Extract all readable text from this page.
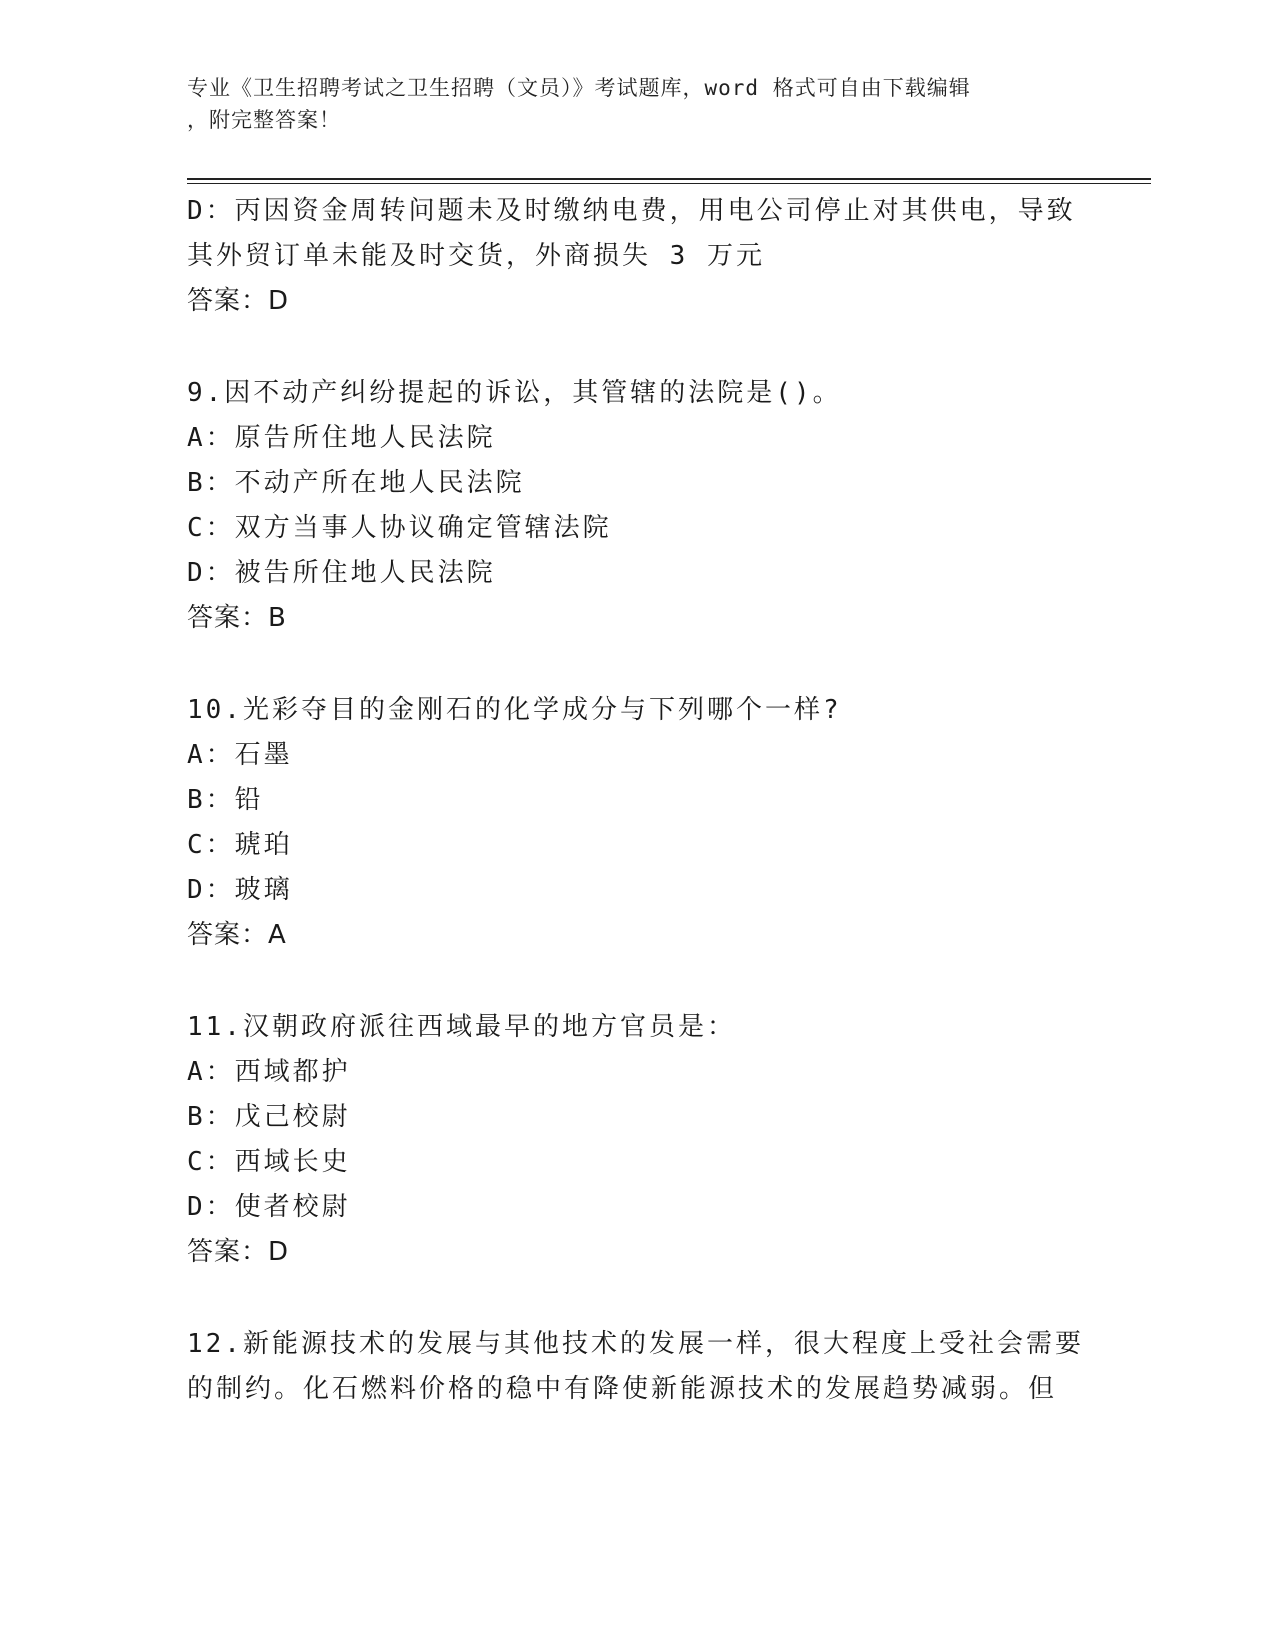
专业《卫生招聘考试之卫生招聘（文员）》考试题库，word 格式可自由下载编辑
，附完整答案！
D：丙因资金周转问题未及时缴纳电费，用电公司停止对其供电，导致
其外贸订单未能及时交货，外商损失 3 万元
答案：D
9.因不动产纠纷提起的诉讼，其管辖的法院是()。
A：原告所住地人民法院
B：不动产所在地人民法院
C：双方当事人协议确定管辖法院
D：被告所住地人民法院
答案：B
10.光彩夺目的金刚石的化学成分与下列哪个一样?
A：石墨
B：铅
C：琥珀
D：玻璃
答案：A
11.汉朝政府派往西域最早的地方官员是：
A：西域都护
B：戊己校尉
C：西域长史
D：使者校尉
答案：D
12.新能源技术的发展与其他技术的发展一样，很大程度上受社会需要
的制约。化石燃料价格的稳中有降使新能源技术的发展趋势减弱。但
